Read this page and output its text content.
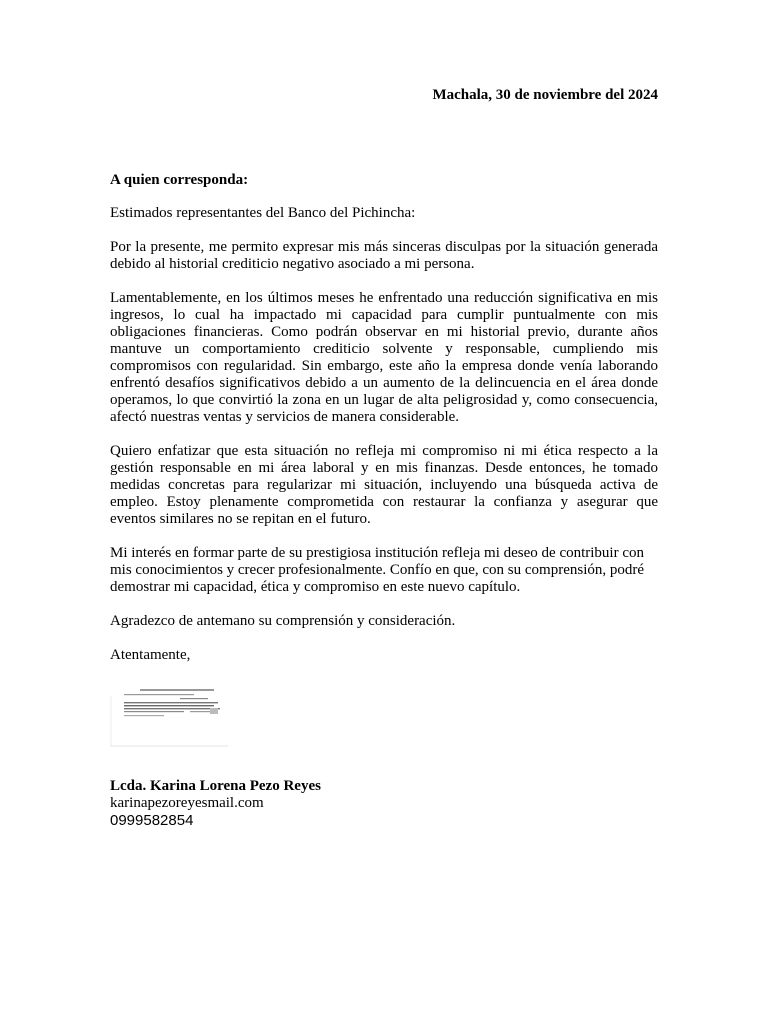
Machala, 30 de noviembre del 2024
A quien corresponda:

Estimados representantes del Banco del Pichincha:

Por la presente, me permito expresar mis más sinceras disculpas por la situación generada debido al historial crediticio negativo asociado a mi persona.

Lamentablemente, en los últimos meses he enfrentado una reducción significativa en mis ingresos, lo cual ha impactado mi capacidad para cumplir puntualmente con mis obligaciones financieras. Como podrán observar en mi historial previo, durante años mantuve un comportamiento crediticio solvente y responsable, cumpliendo mis compromisos con regularidad. Sin embargo, este año la empresa donde venía laborando enfrentó desafíos significativos debido a un aumento de la delincuencia en el área donde operamos, lo que convirtió la zona en un lugar de alta peligrosidad y, como consecuencia, afectó nuestras ventas y servicios de manera considerable.

Quiero enfatizar que esta situación no refleja mi compromiso ni mi ética respecto a la gestión responsable en mi área laboral y en mis finanzas. Desde entonces, he tomado medidas concretas para regularizar mi situación, incluyendo una búsqueda activa de empleo. Estoy plenamente comprometida con restaurar la confianza y asegurar que eventos similares no se repitan en el futuro.

Mi interés en formar parte de su prestigiosa institución refleja mi deseo de contribuir con mis conocimientos y crecer profesionalmente. Confío en que, con su comprensión, podré demostrar mi capacidad, ética y compromiso en este nuevo capítulo.

Agradezco de antemano su comprensión y consideración.

Atentamente,

Lcda. Karina Lorena Pezo Reyes
karinapezoreyesmail.com
0999582854
